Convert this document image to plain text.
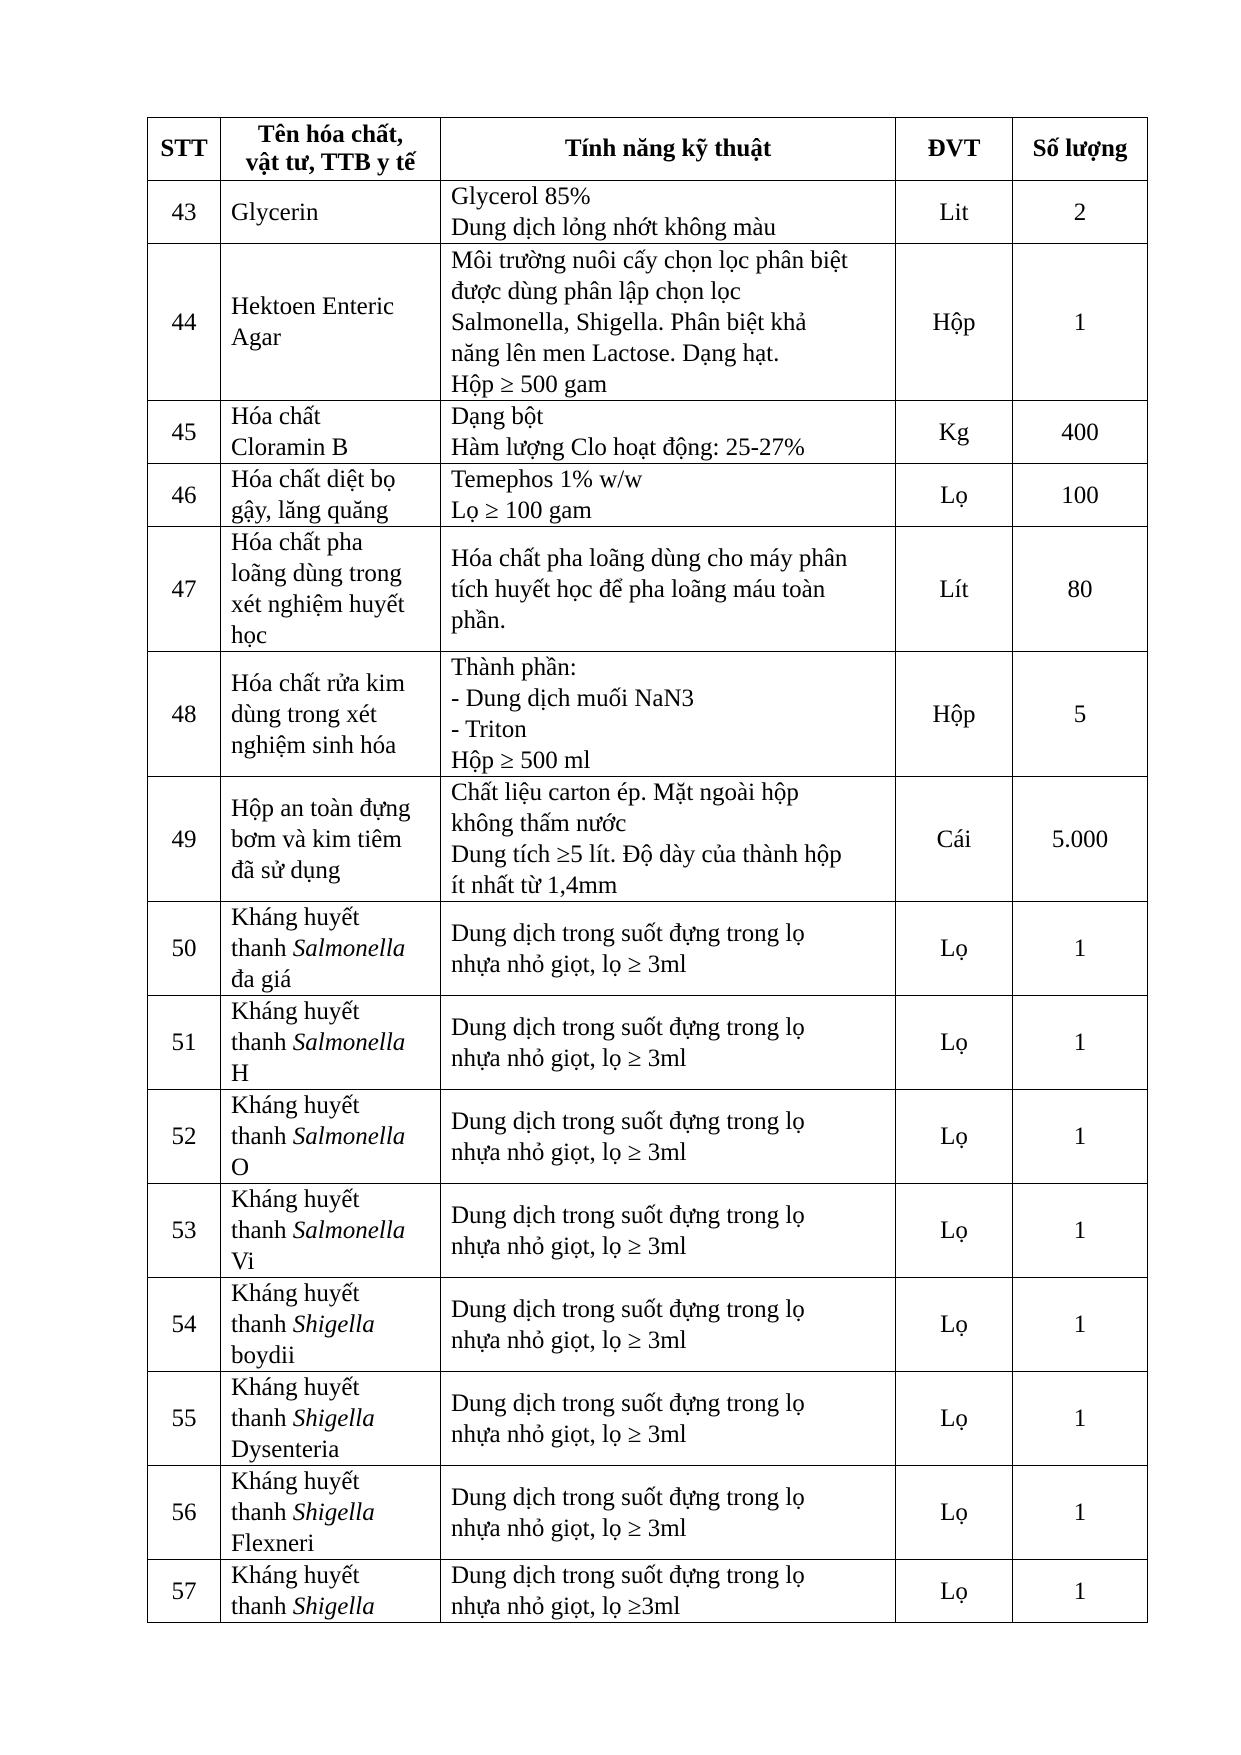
STT	Tên hóa chất,
vật tư, TTB y tế	Tính năng kỹ thuật	ĐVT	Số lượng
43	Glycerin	Glycerol 85%
Dung dịch lỏng nhớt không màu	Lit	2
44	Hektoen Enteric
Agar	Môi trường nuôi cấy chọn lọc phân biệt
được dùng phân lập chọn lọc
Salmonella, Shigella. Phân biệt khả
năng lên men Lactose. Dạng hạt.
Hộp ≥ 500 gam	Hộp	1
45	Hóa chất
Cloramin B	Dạng bột
Hàm lượng Clo hoạt động: 25-27%	Kg	400
46	Hóa chất diệt bọ
gậy, lăng quăng	Temephos 1% w/w
Lọ ≥ 100 gam	Lọ	100
47	Hóa chất pha
loãng dùng trong
xét nghiệm huyết
học	Hóa chất pha loãng dùng cho máy phân
tích huyết học để pha loãng máu toàn
phần.	Lít	80
48	Hóa chất rửa kim
dùng trong xét
nghiệm sinh hóa	Thành phần:
- Dung dịch muối NaN3
- Triton
Hộp ≥ 500 ml	Hộp	5
49	Hộp an toàn đựng
bơm và kim tiêm
đã sử dụng	Chất liệu carton ép. Mặt ngoài hộp
không thấm nước
Dung tích ≥5 lít. Độ dày của thành hộp
ít nhất từ 1,4mm	Cái	5.000
50	Kháng huyết
thanh Salmonella
đa giá	Dung dịch trong suốt đựng trong lọ
nhựa nhỏ giọt, lọ ≥ 3ml	Lọ	1
51	Kháng huyết
thanh Salmonella
H	Dung dịch trong suốt đựng trong lọ
nhựa nhỏ giọt, lọ ≥ 3ml	Lọ	1
52	Kháng huyết
thanh Salmonella
O	Dung dịch trong suốt đựng trong lọ
nhựa nhỏ giọt, lọ ≥ 3ml	Lọ	1
53	Kháng huyết
thanh Salmonella
Vi	Dung dịch trong suốt đựng trong lọ
nhựa nhỏ giọt, lọ ≥ 3ml	Lọ	1
54	Kháng huyết
thanh Shigella
boydii	Dung dịch trong suốt đựng trong lọ
nhựa nhỏ giọt, lọ ≥ 3ml	Lọ	1
55	Kháng huyết
thanh Shigella
Dysenteria	Dung dịch trong suốt đựng trong lọ
nhựa nhỏ giọt, lọ ≥ 3ml	Lọ	1
56	Kháng huyết
thanh Shigella
Flexneri	Dung dịch trong suốt đựng trong lọ
nhựa nhỏ giọt, lọ ≥ 3ml	Lọ	1
57	Kháng huyết
thanh Shigella	Dung dịch trong suốt đựng trong lọ
nhựa nhỏ giọt, lọ ≥3ml	Lọ	1
